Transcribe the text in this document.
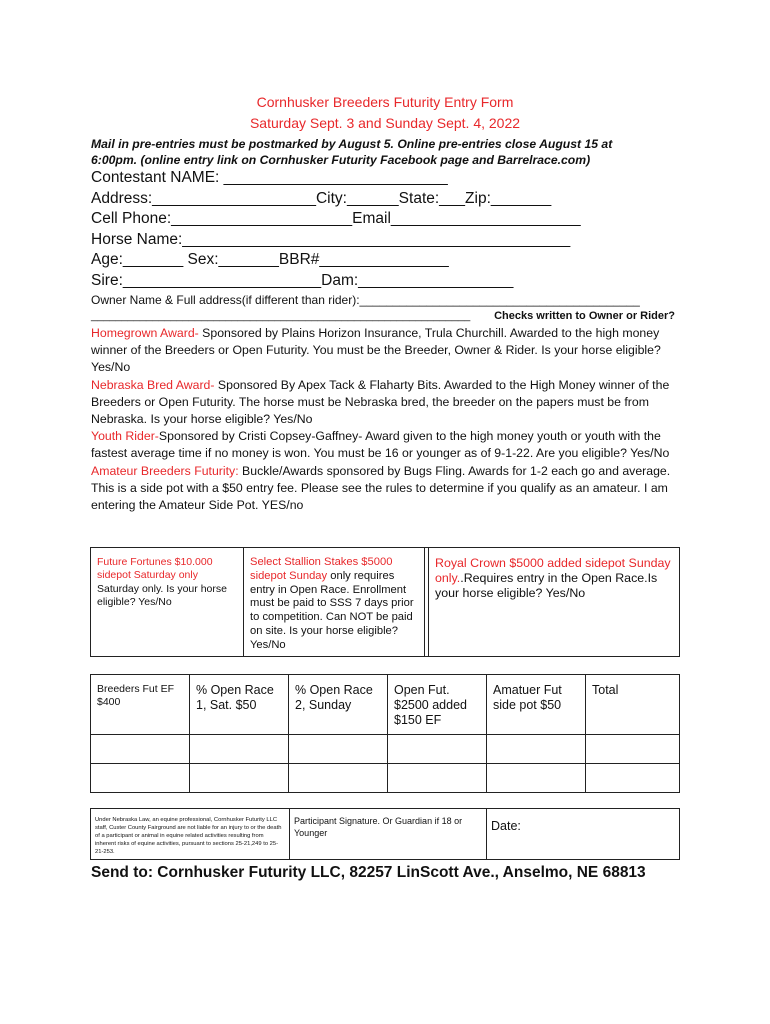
Cornhusker Breeders Futurity Entry Form
Saturday Sept. 3 and Sunday Sept. 4, 2022
Mail in pre-entries must be postmarked by August 5. Online pre-entries close August 15 at 6:00pm. (online entry link on Cornhusker Futurity Facebook page and Barrelrace.com)
Contestant NAME: __________________________
Address:___________________City:______State:___Zip:_______
Cell Phone:_____________________Email______________________
Horse Name:_____________________________________________
Age:_______ Sex:_______BBR#_______________
Sire:_______________________Dam:__________________
Owner Name & Full address(if different than rider):__________________________________________
______________________________________________________________ Checks written to Owner or Rider?

Homegrown Award- Sponsored by Plains Horizon Insurance, Trula Churchill. Awarded to the high money winner of the Breeders or Open Futurity. You must be the Breeder, Owner & Rider. Is your horse eligible? Yes/No

Nebraska Bred Award- Sponsored By Apex Tack & Flaharty Bits. Awarded to the High Money winner of the Breeders or Open Futurity. The horse must be Nebraska bred, the breeder on the papers must be from Nebraska. Is your horse eligible? Yes/No

Youth Rider-Sponsored by Cristi Copsey-Gaffney- Award given to the high money youth or youth with the fastest average time if no money is won. You must be 16 or younger as of 9-1-22. Are you eligible? Yes/No

Amateur Breeders Futurity: Buckle/Awards sponsored by Bugs Fling. Awards for 1-2 each go and average. This is a side pot with a $50 entry fee. Please see the rules to determine if you qualify as an amateur. I am entering the Amateur Side Pot. YES/no

Future Fortunes $10.000 sidepot Saturday only Saturday only. Is your horse eligible? Yes/No	Select Stallion Stakes $5000 sidepot Sunday only requires entry in Open Race. Enrollment must be paid to SSS 7 days prior to competition. Can NOT be paid on site. Is your horse eligible? Yes/No		Royal Crown $5000 added sidepot Sunday only..Requires entry in the Open Race.Is your horse eligible? Yes/No
Breeders Fut EF $400	% Open Race 1, Sat. $50	% Open Race 2, Sunday	Open Fut. $2500 added $150 EF	Amatuer Fut side pot $50	Total

Under Nebraska Law, an equine professional, Cornhusker Futurity LLC staff, Custer County Fairground are not liable for an injury to or the death of a participant or animal in equine related activities resulting from inherent risks of equine activities, pursuant to sections 25-21,249 to 25-21-253.	Participant Signature. Or Guardian if 18 or Younger	Date:
Send to: Cornhusker Futurity LLC, 82257 LinScott Ave., Anselmo, NE 68813
